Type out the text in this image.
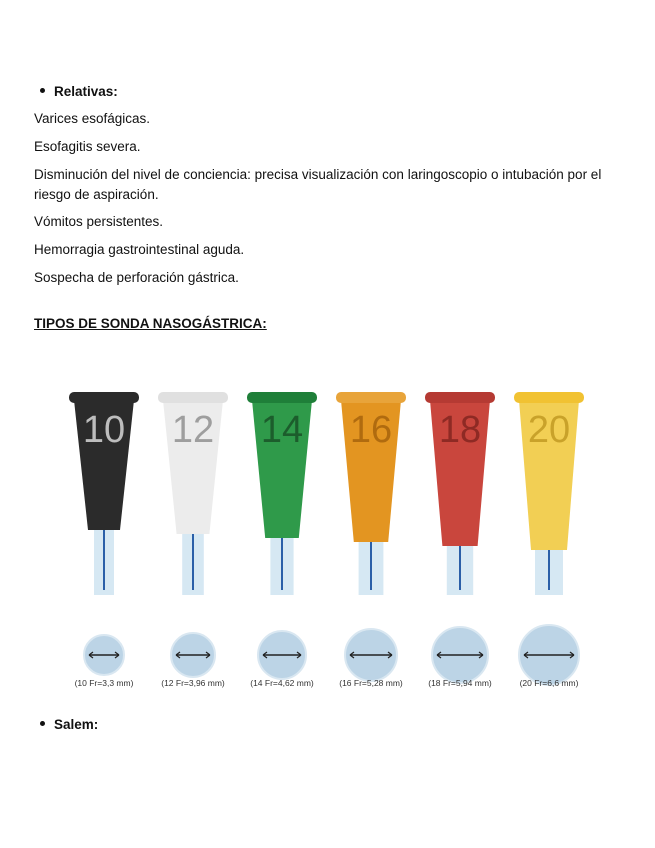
Relativas:
Varices esofágicas.
Esofagitis severa.
Disminución del nivel de conciencia: precisa visualización con laringoscopio o intubación por el riesgo de aspiración.
Vómitos persistentes.
Hemorragia gastrointestinal aguda.
Sospecha de perforación gástrica.
TIPOS DE SONDA NASOGÁSTRICA:
10
(10 Fr=3,3 mm)
12
(12 Fr=3,96 mm)
14
(14 Fr=4,62 mm)
16
(16 Fr=5,28 mm)
18
(18 Fr=5,94 mm)
20
(20 Fr=6,6 mm)
Salem:
